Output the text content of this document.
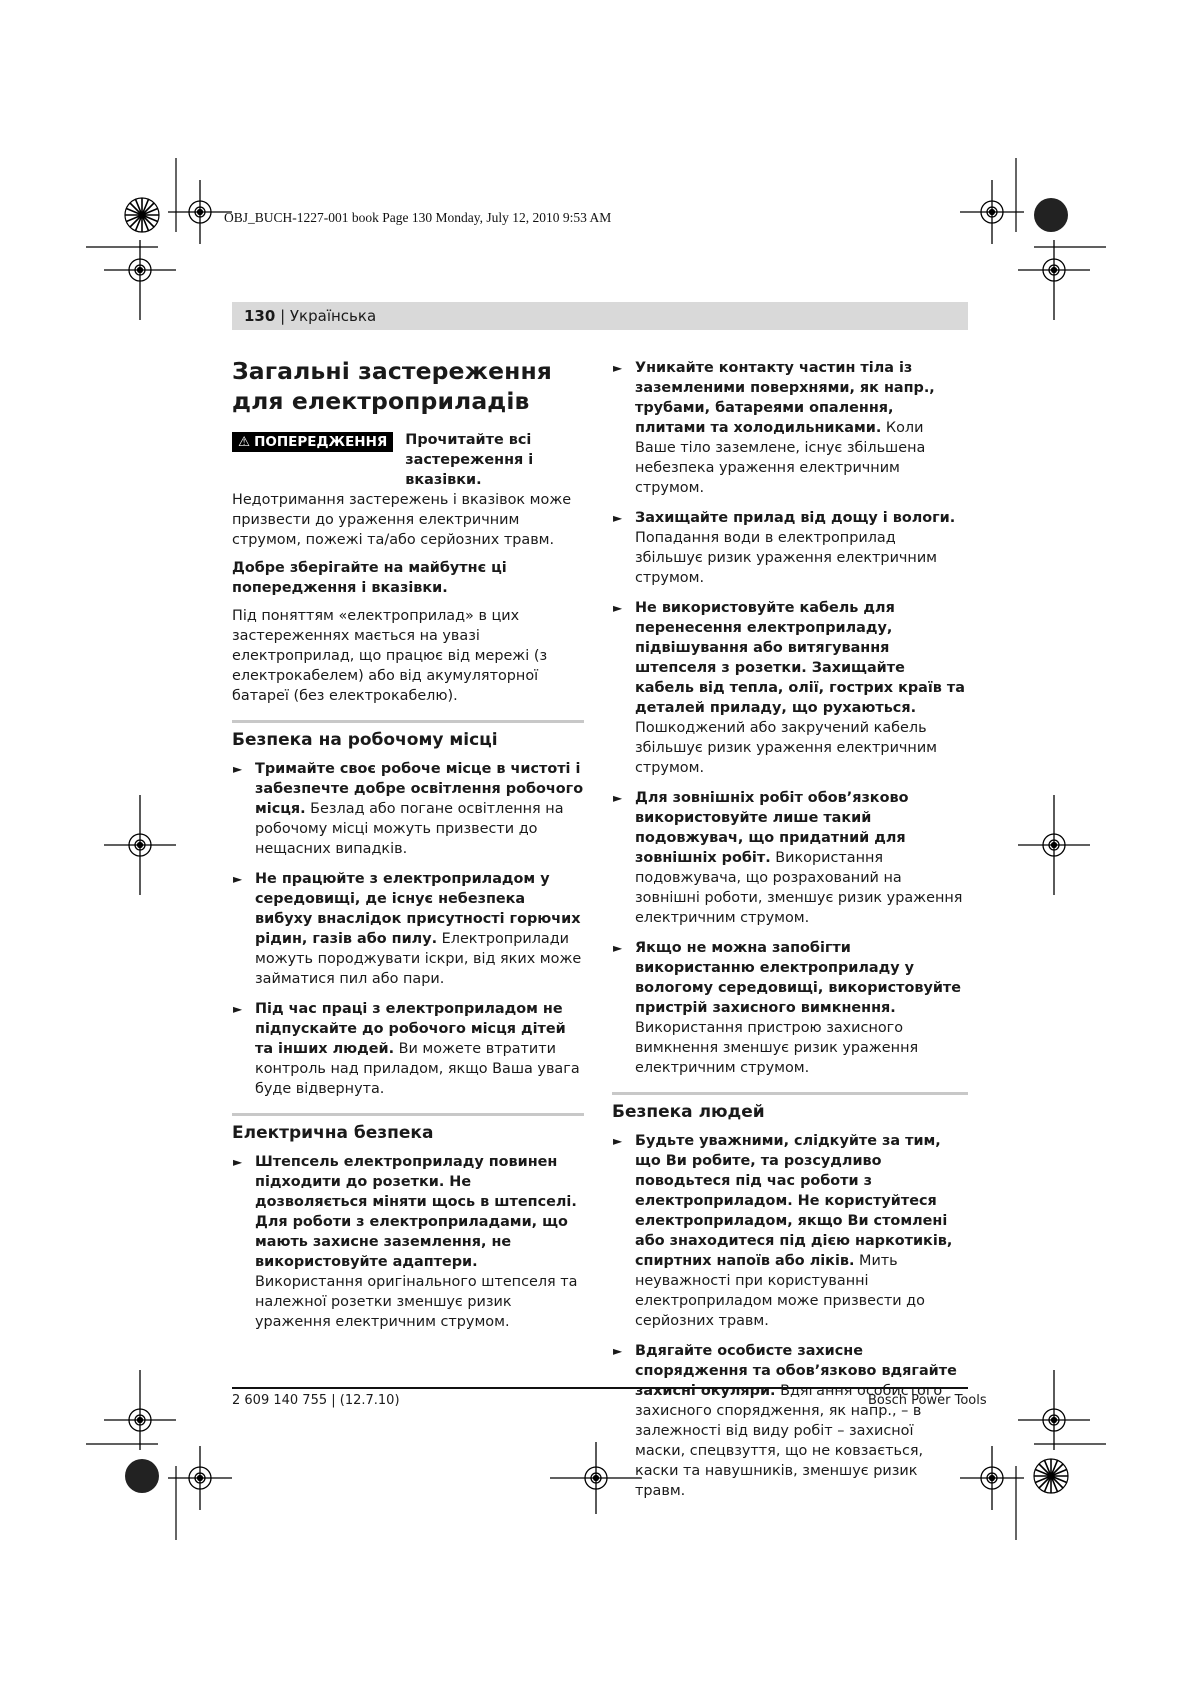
OBJ_BUCH-1227-001 book Page 130 Monday, July 12, 2010 9:53 AM
130 | Українська
Загальні застереження для електроприладів
⚠ ПОПЕРЕДЖЕННЯ	Прочитайте всі застереження і вказівки.

Недотримання застережень і вказівок може призвести до ураження електричним струмом, пожежі та/або серйозних травм.

Добре зберігайте на майбутнє ці попередження і вказівки.

Під поняттям «електроприлад» в цих застереженнях мається на увазі електроприлад, що працює від мережі (з електрокабелем) або від акумуляторної батареї (без електрокабелю).

Безпека на робочому місці
► Тримайте своє робоче місце в чистоті і забезпечте добре освітлення робочого місця. Безлад або погане освітлення на робочому місці можуть призвести до нещасних випадків.
► Не працюйте з електроприладом у середовищі, де існує небезпека вибуху внаслідок присутності горючих рідин, газів або пилу. Електроприлади можуть породжувати іскри, від яких може займатися пил або пари.
► Під час праці з електроприладом не підпускайте до робочого місця дітей та інших людей. Ви можете втратити контроль над приладом, якщо Ваша увага буде відвернута.
Електрична безпека
► Штепсель електроприладу повинен підходити до розетки. Не дозволяється міняти щось в штепселі. Для роботи з електроприладами, що мають захисне заземлення, не використовуйте адаптери. Використання оригінального штепселя та належної розетки зменшує ризик ураження електричним струмом.
► Уникайте контакту частин тіла із заземленими поверхнями, як напр., трубами, батареями опалення, плитами та холодильниками. Коли Ваше тіло заземлене, існує збільшена небезпека ураження електричним струмом.
► Захищайте прилад від дощу і вологи. Попадання води в електроприлад збільшує ризик ураження електричним струмом.
► Не використовуйте кабель для перенесення електроприладу, підвішування або витягування штепселя з розетки. Захищайте кабель від тепла, олії, гострих країв та деталей приладу, що рухаються. Пошкоджений або закручений кабель збільшує ризик ураження електричним струмом.
► Для зовнішніх робіт обов’язково використовуйте лише такий подовжувач, що придатний для зовнішніх робіт. Використання подовжувача, що розрахований на зовнішні роботи, зменшує ризик ураження електричним струмом.
► Якщо не можна запобігти використанню електроприладу у вологому середовищі, використовуйте пристрій захисного вимкнення. Використання пристрою захисного вимкнення зменшує ризик ураження електричним струмом.
Безпека людей
► Будьте уважними, слідкуйте за тим, що Ви робите, та розсудливо поводьтеся під час роботи з електроприладом. Не користуйтеся електроприладом, якщо Ви стомлені або знаходитеся під дією наркотиків, спиртних напоїв або ліків. Мить неуважності при користуванні електроприладом може призвести до серйозних травм.
► Вдягайте особисте захисне спорядження та обов’язково вдягайте захисні окуляри. Вдягання особистого захисного спорядження, як напр., – в залежності від виду робіт – захисної маски, спецвзуття, що не ковзається, каски та навушників, зменшує ризик травм.
2 609 140 755 | (12.7.10)	Bosch Power Tools
